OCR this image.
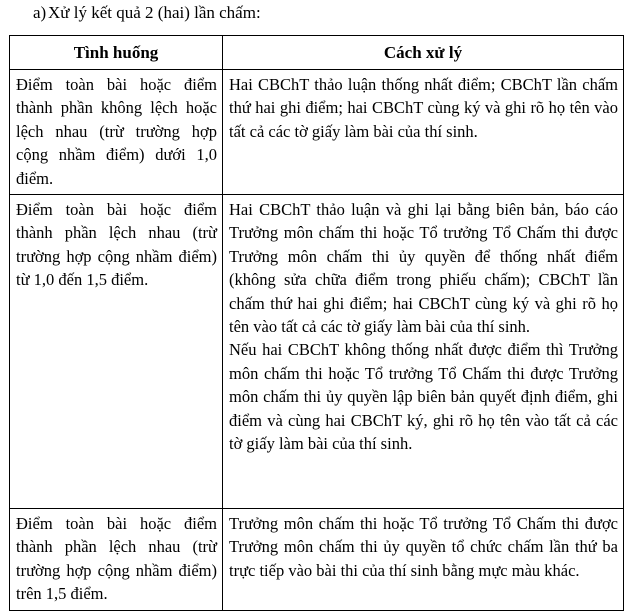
a) Xử lý kết quả 2 (hai) lần chấm:
Tình huống	Cách xử lý

Điểm toàn bài hoặc điểm thành phần không lệch hoặc lệch nhau (trừ trường hợp cộng nhầm điểm) dưới 1,0 điểm.	Hai CBChT thảo luận thống nhất điểm; CBChT lần chấm thứ hai ghi điểm; hai CBChT cùng ký và ghi rõ họ tên vào tất cả các tờ giấy làm bài của thí sinh.

Điểm toàn bài hoặc điểm thành phần lệch nhau (trừ trường hợp cộng nhầm điểm) từ 1,0 đến 1,5 điểm.	Hai CBChT thảo luận và ghi lại bằng biên bản, báo cáo Trưởng môn chấm thi hoặc Tổ trưởng Tổ Chấm thi được Trưởng môn chấm thi ủy quyền để thống nhất điểm (không sửa chữa điểm trong phiếu chấm); CBChT lần chấm thứ hai ghi điểm; hai CBChT cùng ký và ghi rõ họ tên vào tất cả các tờ giấy làm bài của thí sinh.

Nếu hai CBChT không thống nhất được điểm thì Trưởng môn chấm thi hoặc Tổ trưởng Tổ Chấm thi được Trưởng môn chấm thi ủy quyền lập biên bản quyết định điểm, ghi điểm và cùng hai CBChT ký, ghi rõ họ tên vào tất cả các tờ giấy làm bài của thí sinh.

Điểm toàn bài hoặc điểm thành phần lệch nhau (trừ trường hợp cộng nhầm điểm) trên 1,5 điểm.	Trưởng môn chấm thi hoặc Tổ trưởng Tổ Chấm thi được Trưởng môn chấm thi ủy quyền tổ chức chấm lần thứ ba trực tiếp vào bài thi của thí sinh bằng mực màu khác.
